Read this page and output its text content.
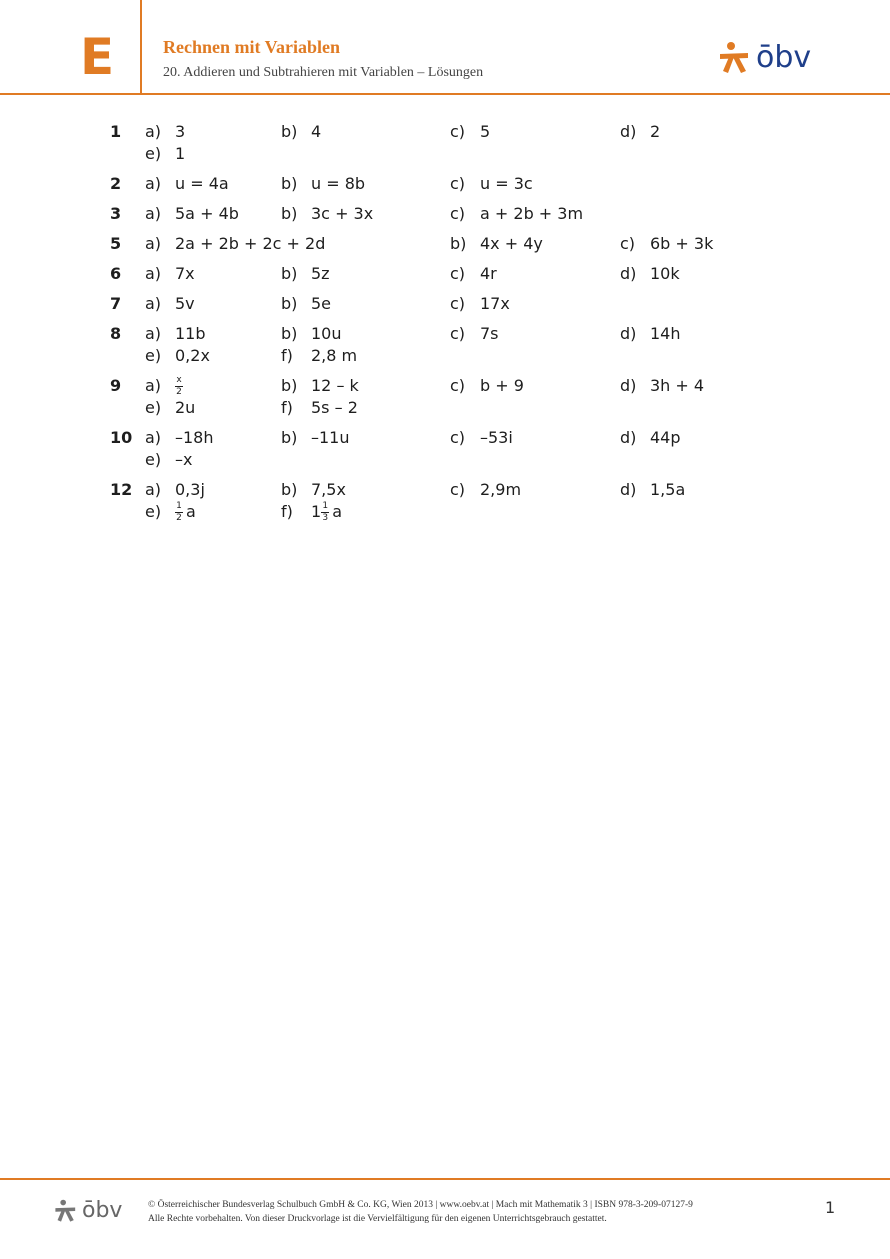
E	Rechnen mit Variablen
20. Addieren und Subtrahieren mit Variablen – Lösungen	ōbv
1 a) 3	b) 4	c) 5	d) 2
e) 1
2 a) u = 4a	b) u = 8b	c) u = 3c
3 a) 5a + 4b	b) 3c + 3x	c) a + 2b + 3m
5 a) 2a + 2b + 2c + 2d	b) 4x + 4y	c) 6b + 3k
6 a) 7x	b) 5z	c) 4r	d) 10k
7 a) 5v	b) 5e	c) 17x
8 a) 11b	b) 10u	c) 7s	d) 14h
e) 0,2x	f) 2,8 m
9 $a) \frac{x}{2}$	b) 12 – k	c) b + 9	d) 3h + 4
e) 2u	f) 5s – 2
10 a) –18h	b) –11u	c) –53i	d) 44p
e) –x
12 a) 0,3j	b) 7,5x	c) 2,9m	d) 1,5a
$e) \frac{1}{2}$ a	f) $1 \frac{1}{3}$ a
ōbv	© Österreichischer Bundesverlag Schulbuch GmbH & Co. KG, Wien 2013 | www.oebv.at | Mach mit Mathematik 3 | ISBN 978-3-209-07127-9
Alle Rechte vorbehalten. Von dieser Druckvorlage ist die Vervielfältigung für den eigenen Unterrichtsgebrauch gestattet.
1
